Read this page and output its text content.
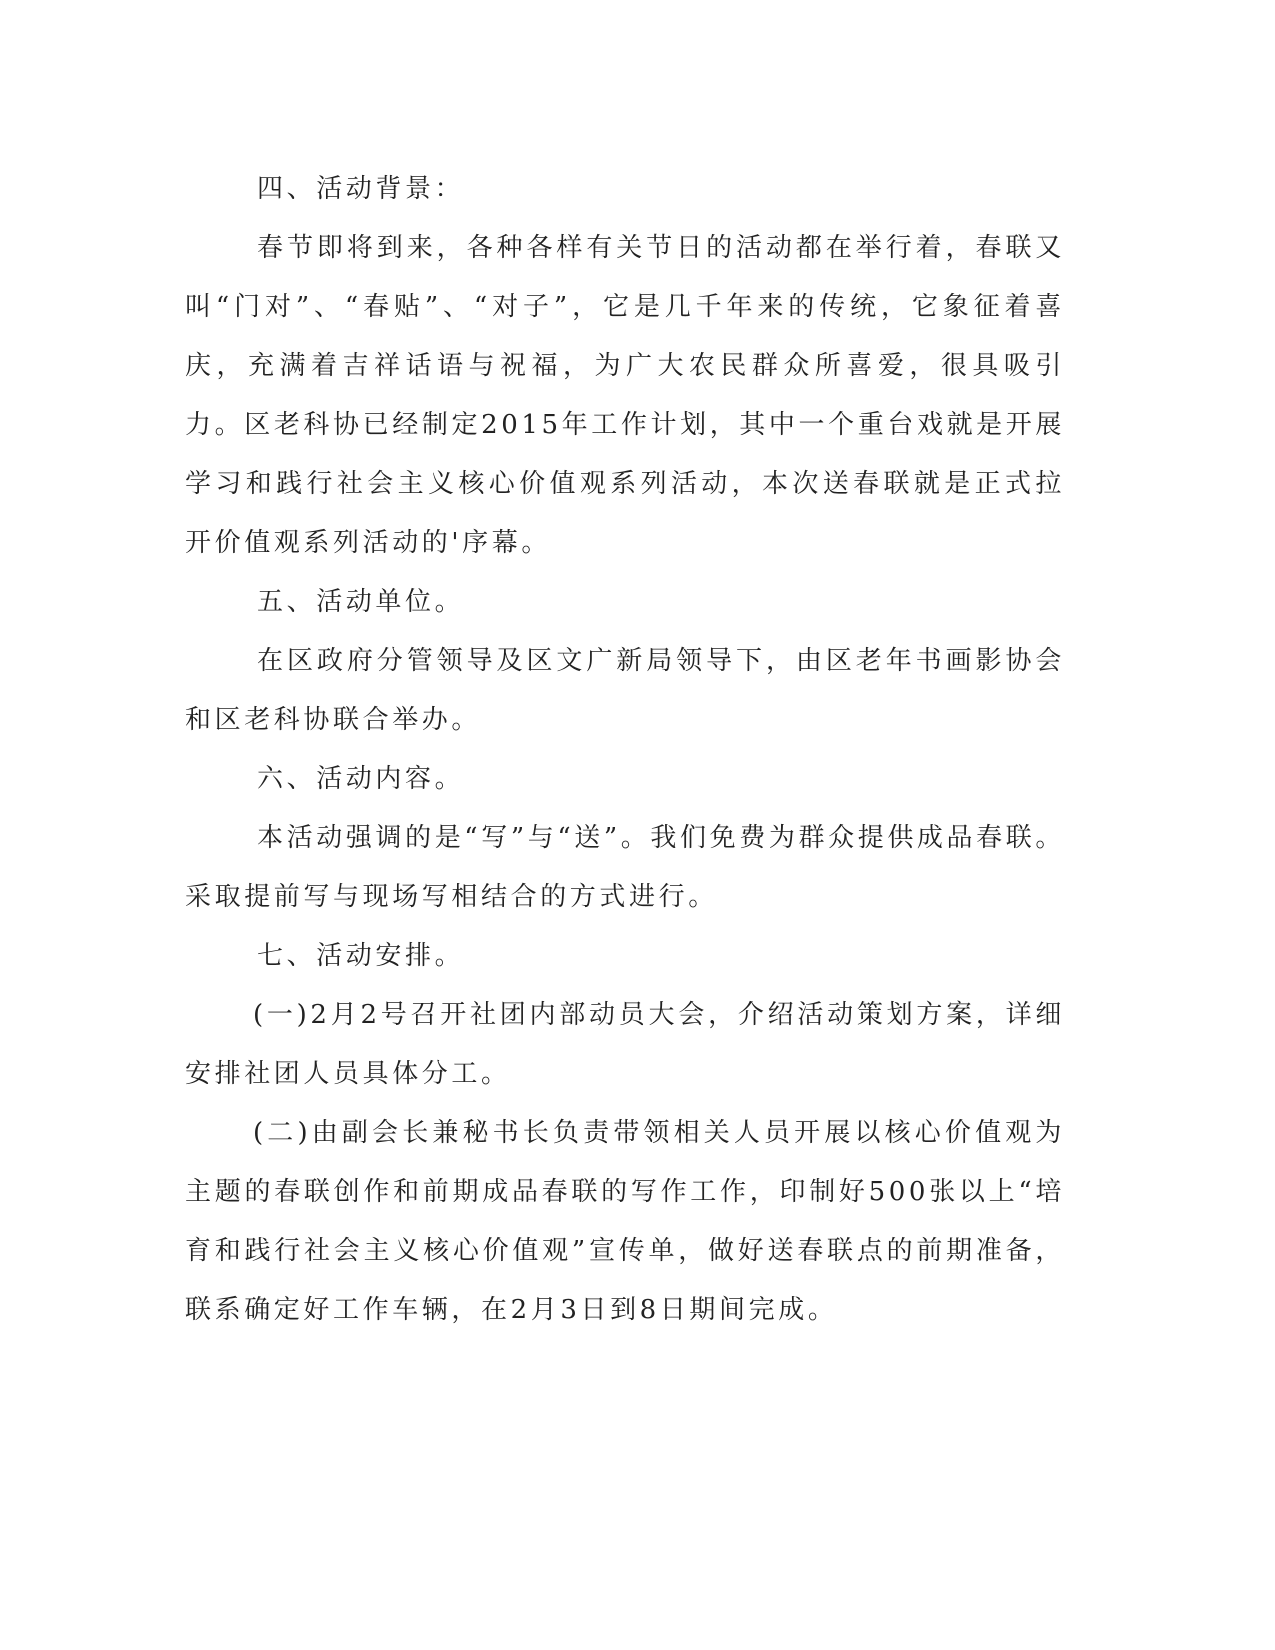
四、活动背景：

春节即将到来，各种各样有关节日的活动都在举行着，春联又叫“门对”、“春贴”、“对子”，它是几千年来的传统，它象征着喜庆，充满着吉祥话语与祝福，为广大农民群众所喜爱，很具吸引力。区老科协已经制定2015年工作计划，其中一个重台戏就是开展学习和践行社会主义核心价值观系列活动，本次送春联就是正式拉开价值观系列活动的'序幕。

五、活动单位。

在区政府分管领导及区文广新局领导下，由区老年书画影协会和区老科协联合举办。

六、活动内容。

本活动强调的是“写”与“送”。我们免费为群众提供成品春联。采取提前写与现场写相结合的方式进行。

七、活动安排。

(一)2月2号召开社团内部动员大会，介绍活动策划方案，详细安排社团人员具体分工。

(二)由副会长兼秘书长负责带领相关人员开展以核心价值观为主题的春联创作和前期成品春联的写作工作，印制好500张以上“培育和践行社会主义核心价值观”宣传单，做好送春联点的前期准备，联系确定好工作车辆，在2月3日到8日期间完成。
